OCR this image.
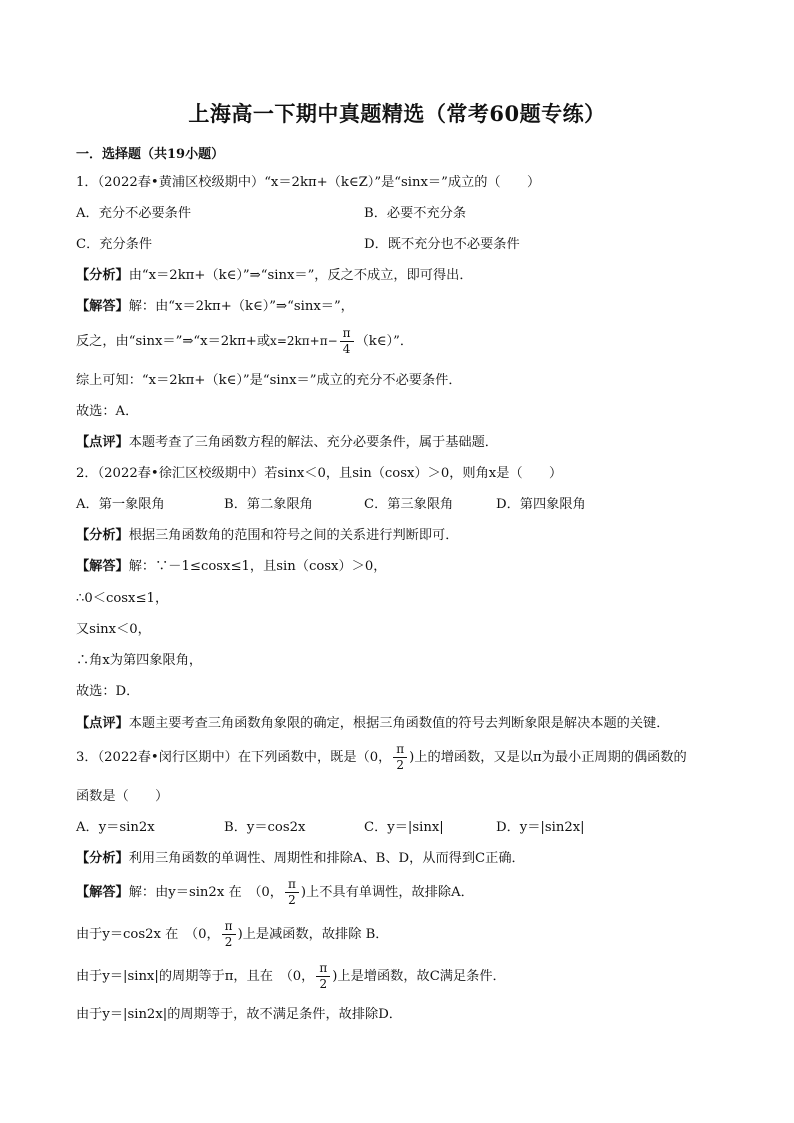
上海高一下期中真题精选（常考60题专练）
一．选择题（共19小题）
1．（2022春•黄浦区校级期中）“x＝2kπ+（k∈Z）”是“sinx＝”成立的（　　）
A．充分不必要条件	B．必要不充分条
C．充分条件	D．既不充分也不必要条件
【分析】由“x＝2kπ+（k∈）”⇒“sinx＝”，反之不成立，即可得出．
【解答】解：由“x＝2kπ+（k∈）”⇒“sinx＝”，
反之，由“sinx＝”⇒“x＝2kπ+或$x=2k\pi+\pi- \frac{\pi}{4}$ （k∈）”．
综上可知：“x＝2kπ+（k∈）”是“sinx＝”成立的充分不必要条件．
故选：A．
【点评】本题考查了三角函数方程的解法、充分必要条件，属于基础题．
2．（2022春•徐汇区校级期中）若sinx＜0，且sin（cosx）＞0，则角x是（　　）
A．第一象限角	B．第二象限角	C．第三象限角	D．第四象限角
【分析】根据三角函数角的范围和符号之间的关系进行判断即可．
【解答】解：∵－1≤cosx≤1，且sin（cosx）＞0，
∴0＜cosx≤1，
又sinx＜0，
∴角x为第四象限角，
故选：D．
【点评】本题主要考查三角函数角象限的确定，根据三角函数值的符号去判断象限是解决本题的关键．
3．（2022春•闵行区期中）在下列函数中，既是（0， $\frac{\pi}{2}$ )上的增函数，又是以π为最小正周期的偶函数的
函数是（　　）
A．y＝sin2x	B．y＝cos2x	C．y＝|sinx|	D．y＝|sin2x|
【分析】利用三角函数的单调性、周期性和排除A、B、D，从而得到C正确．
【解答】解：由y＝sin2x 在　（0， $\frac{\pi}{2}$ )上不具有单调性，故排除A．
由于y＝cos2x 在　（0， $\frac{\pi}{2}$ )上是减函数，故排除 B．
由于y＝|sinx|的周期等于π，且在　（0， $\frac{\pi}{2}$ )上是增函数，故C满足条件．
由于y＝|sin2x|的周期等于，故不满足条件，故排除D．
